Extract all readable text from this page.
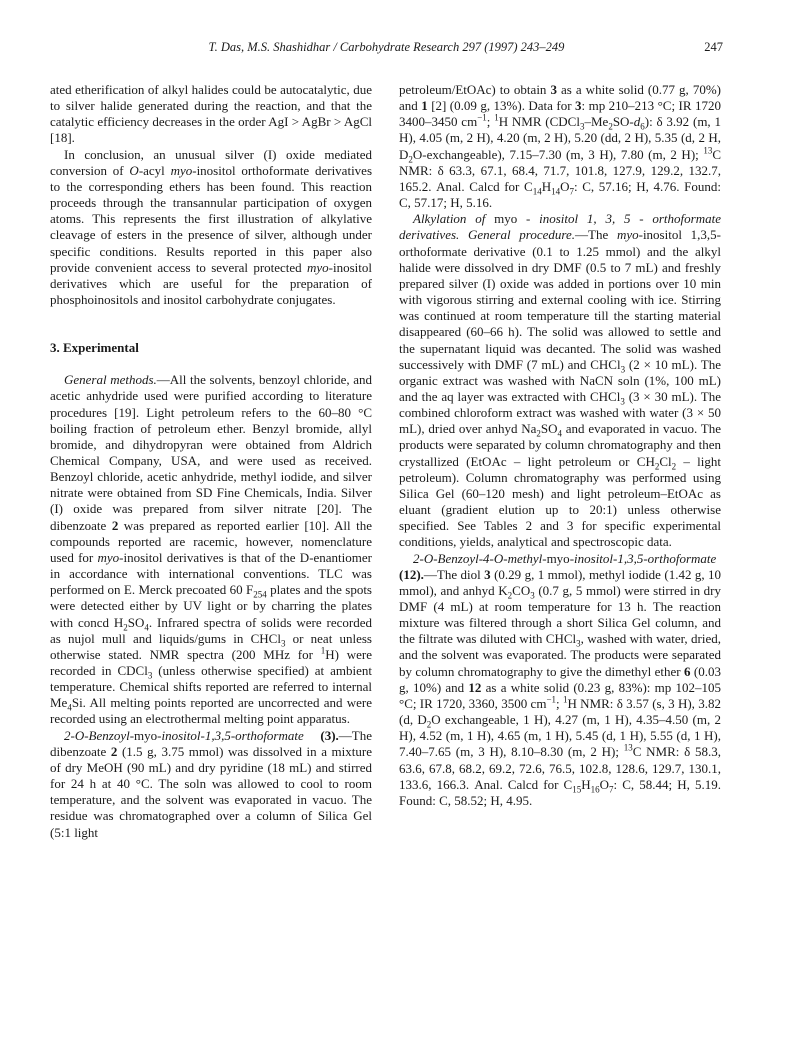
T. Das, M.S. Shashidhar / Carbohydrate Research 297 (1997) 243–249	247

ated etherification of alkyl halides could be autocatalytic, due to silver halide generated during the reaction, and that the catalytic efficiency decreases in the order AgI > AgBr > AgCl [18].

In conclusion, an unusual silver (I) oxide mediated conversion of O-acyl myo-inositol orthoformate derivatives to the corresponding ethers has been found. This reaction proceeds through the transannular participation of oxygen atoms. This represents the first illustration of alkylative cleavage of esters in the presence of silver, although under specific conditions. Results reported in this paper also provide convenient access to several protected myo-inositol derivatives which are useful for the preparation of phosphoinositols and inositol carbohydrate conjugates.

3. Experimental

General methods.—All the solvents, benzoyl chloride, and acetic anhydride used were purified according to literature procedures [19]. Light petroleum refers to the 60–80 °C boiling fraction of petroleum ether. Benzyl bromide, allyl bromide, and dihydropyran were obtained from Aldrich Chemical Company, USA, and were used as received. Benzoyl chloride, acetic anhydride, methyl iodide, and silver nitrate were obtained from SD Fine Chemicals, India. Silver (I) oxide was prepared from silver nitrate [20]. The dibenzoate 2 was prepared as reported earlier [10]. All the compounds reported are racemic, however, nomenclature used for myo-inositol derivatives is that of the D-enantiomer in accordance with international conventions. TLC was performed on E. Merck precoated 60 $F_{254}$ plates and the spots were detected either by UV light or by charring the plates with concd $H_2SO_4$. Infrared spectra of solids were recorded as nujol mull and liquids/gums in CHCl$_3$ or neat unless otherwise stated. NMR spectra (200 MHz for $^1$H) were recorded in CDCl$_3$ (unless otherwise specified) at ambient temperature. Chemical shifts reported are referred to internal $Me_4Si$. All melting points reported are uncorrected and were recorded using an electrothermal melting point apparatus.

2-O-Benzoyl-myo-inositol-1,3,5-orthoformate (3).—The dibenzoate 2 (1.5 g, 3.75 mmol) was dissolved in a mixture of dry MeOH (90 mL) and dry pyridine (18 mL) and stirred for 24 h at 40 °C. The soln was allowed to cool to room temperature, and the solvent was evaporated in vacuo. The residue was chromatographed over a column of Silica Gel (5:1 light

petroleum/EtOAc) to obtain 3 as a white solid (0.77 g, 70%) and 1 [2] (0.09 g, 13%). Data for 3: mp 210–213 °C; IR 1720 3400–3450 $cm^{-1}$; $^1$H NMR $(CDCl_3-Me_2SO-d_6)$: δ 3.92 (m, 1 H), 4.05 (m, 2 H), 4.20 (m, 2 H), 5.20 (dd, 2 H), 5.35 (d, 2 H, $D_2O-exchangeable$), 7.15–7.30 (m, 3 H), 7.80 (m, 2 H); $^{13}$C NMR: δ 63.3, 67.1, 68.4, 71.7, 101.8, 127.9, 129.2, 132.7, 165.2. Anal. Calcd for $C_{14}H_{14}O_7$: C, 57.16; H, 4.76. Found: C, 57.17; H, 5.16.

Alkylation of myo - inositol 1, 3, 5 - orthoformate derivatives. General procedure.—The myo-inositol 1,3,5-orthoformate derivative (0.1 to 1.25 mmol) and the alkyl halide were dissolved in dry DMF (0.5 to 7 mL) and freshly prepared silver (I) oxide was added in portions over 10 min with vigorous stirring and external cooling with ice. Stirring was continued at room temperature till the starting material disappeared (60–66 h). The solid was allowed to settle and the supernatant liquid was decanted. The solid was washed successively with DMF (7 mL) and CHCl$_3$ (2 × 10 mL). The organic extract was washed with NaCN soln (1%, 100 mL) and the aq layer was extracted with CHCl$_3$ (3 × 30 mL). The combined chloroform extract was washed with water (3 × 50 mL), dried over anhyd $Na_2SO_4$ and evaporated in vacuo. The products were separated by column chromatography and then crystallized (EtOAc – light petroleum or $CH_2Cl_2$ – light petroleum). Column chromatography was performed using Silica Gel (60–120 mesh) and light petroleum–EtOAc as eluant (gradient elution up to 20:1) unless otherwise specified. See Tables 2 and 3 for specific experimental conditions, yields, analytical and spectroscopic data.

2-O-Benzoyl-4-O-methyl-myo-inositol-1,3,5-orthoformate (12).—The diol 3 (0.29 g, 1 mmol), methyl iodide (1.42 g, 10 mmol), and anhyd $K_2CO_3$ (0.7 g, 5 mmol) were stirred in dry DMF (4 mL) at room temperature for 13 h. The reaction mixture was filtered through a short Silica Gel column, and the filtrate was diluted with CHCl$_3$, washed with water, dried, and the solvent was evaporated. The products were separated by column chromatography to give the dimethyl ether 6 (0.03 g, 10%) and 12 as a white solid (0.23 g, 83%): mp 102–105 °C; IR 1720, 3360, 3500 $cm^{-1}$; $^1$H NMR: δ 3.57 (s, 3 H), 3.82 (d, $D_2O$ exchangeable, 1 H), 4.27 (m, 1 H), 4.35–4.50 (m, 2 H), 4.52 (m, 1 H), 4.65 (m, 1 H), 5.45 (d, 1 H), 5.55 (d, 1 H), 7.40–7.65 (m, 3 H), 8.10–8.30 (m, 2 H); $^{13}$C NMR: δ 58.3, 63.6, 67.8, 68.2, 69.2, 72.6, 76.5, 102.8, 128.6, 129.7, 130.1, 133.6, 166.3. Anal. Calcd for $C_{15}H_{16}O_7$: C, 58.44; H, 5.19. Found: C, 58.52; H, 4.95.
